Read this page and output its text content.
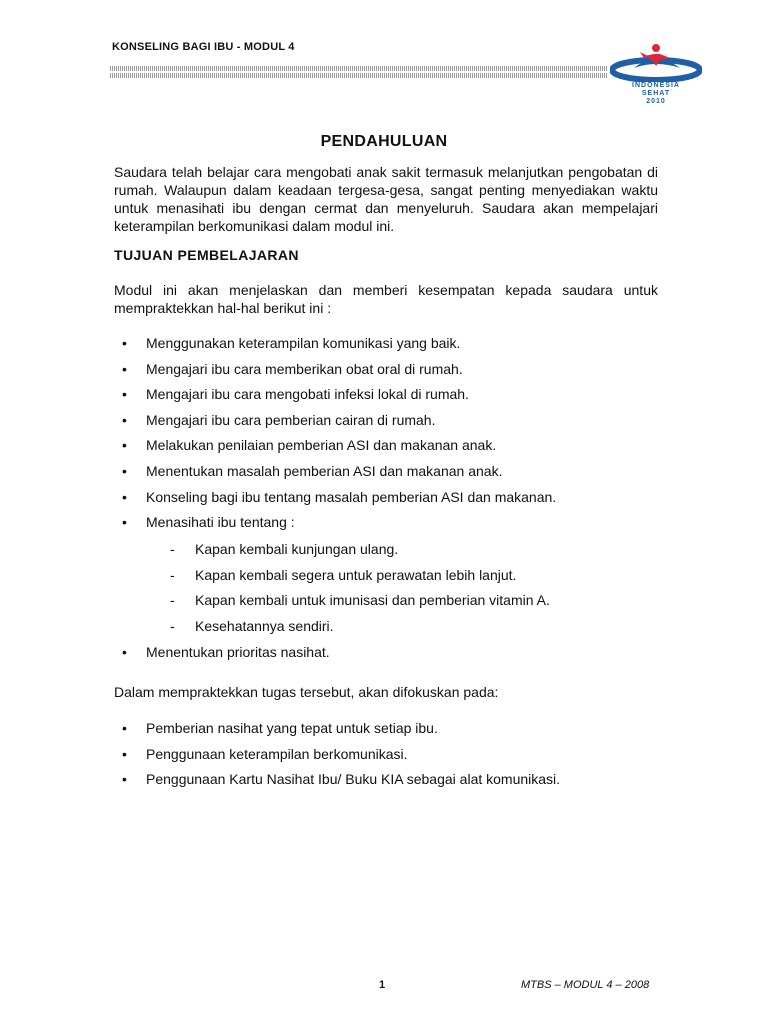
KONSELING BAGI IBU - MODUL 4
INDONESIA
SEHAT
2010
PENDAHULUAN

Saudara telah belajar cara mengobati anak sakit termasuk melanjutkan pengobatan di rumah. Walaupun dalam keadaan tergesa-gesa, sangat penting menyediakan waktu untuk menasihati ibu dengan cermat dan menyeluruh. Saudara akan mempelajari keterampilan berkomunikasi dalam modul ini.

TUJUAN PEMBELAJARAN

Modul ini akan menjelaskan dan memberi kesempatan kepada saudara untuk mempraktekkan hal-hal berikut ini :

• Menggunakan keterampilan komunikasi yang baik.
• Mengajari ibu cara memberikan obat oral di rumah.
• Mengajari ibu cara mengobati infeksi lokal di rumah.
• Mengajari ibu cara pemberian cairan di rumah.
• Melakukan penilaian pemberian ASI dan makanan anak.
• Menentukan masalah pemberian ASI dan makanan anak.
• Konseling bagi ibu tentang masalah pemberian ASI dan makanan.
• Menasihati ibu tentang :
- Kapan kembali kunjungan ulang.
- Kapan kembali segera untuk perawatan lebih lanjut.
- Kapan kembali untuk imunisasi dan pemberian vitamin A.
- Kesehatannya sendiri.
• Menentukan prioritas nasihat.

Dalam mempraktekkan tugas tersebut, akan difokuskan pada:

• Pemberian nasihat yang tepat untuk setiap ibu.
• Penggunaan keterampilan berkomunikasi.
• Penggunaan Kartu Nasihat Ibu/ Buku KIA sebagai alat komunikasi.
1	MTBS – MODUL 4 – 2008
